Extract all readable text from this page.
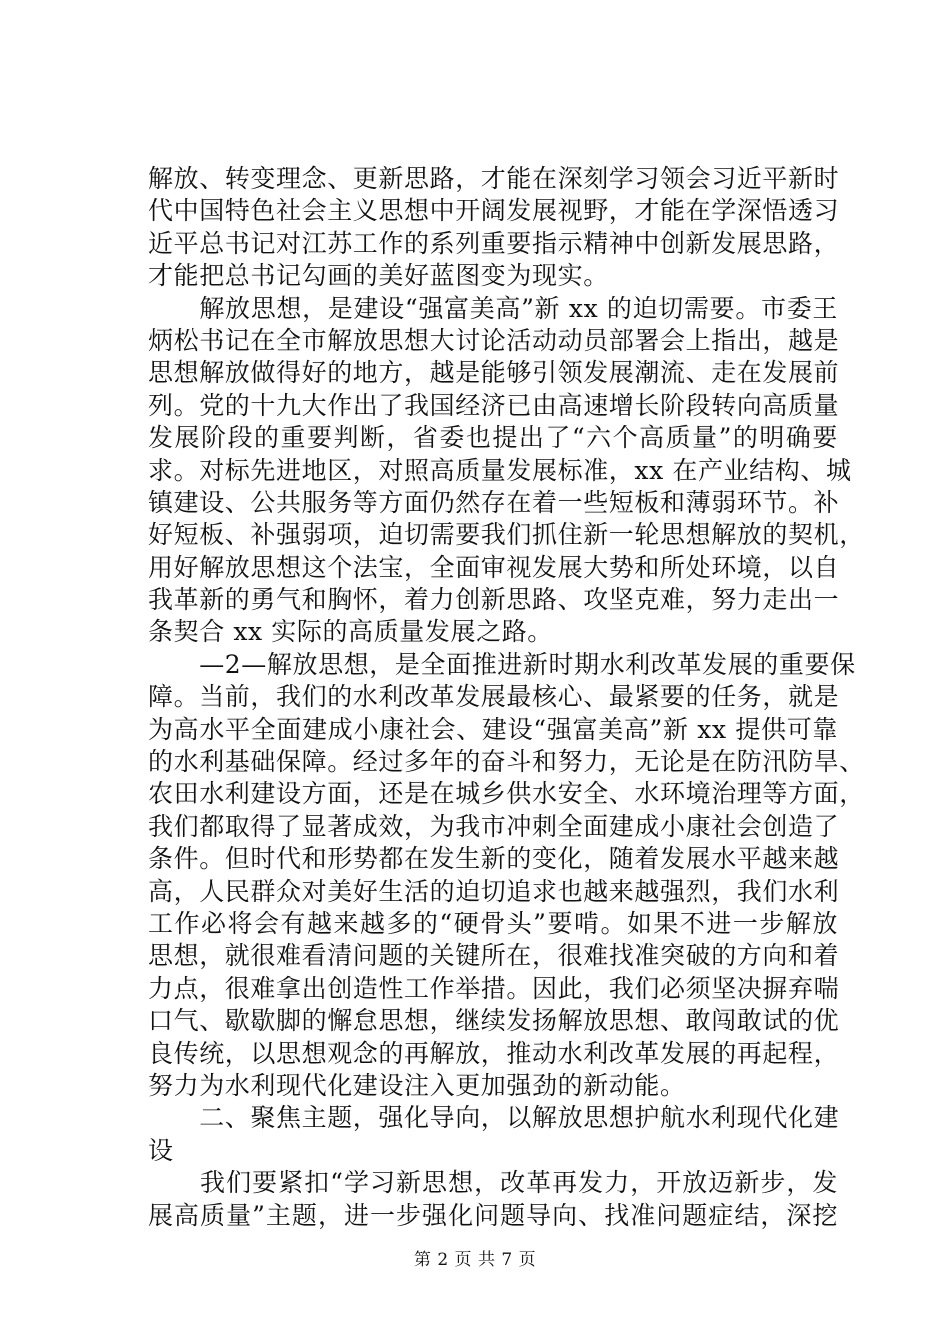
解放、转变理念、更新思路，才能在深刻学习领会习近平新时
代中国特色社会主义思想中开阔发展视野，才能在学深悟透习
近平总书记对江苏工作的系列重要指示精神中创新发展思路，
才能把总书记勾画的美好蓝图变为现实。
　　解放思想，是建设“强富美高”新 xx 的迫切需要。市委王
炳松书记在全市解放思想大讨论活动动员部署会上指出，越是
思想解放做得好的地方，越是能够引领发展潮流、走在发展前
列。党的十九大作出了我国经济已由高速增长阶段转向高质量
发展阶段的重要判断，省委也提出了“六个高质量”的明确要
求。对标先进地区，对照高质量发展标准，xx 在产业结构、城
镇建设、公共服务等方面仍然存在着一些短板和薄弱环节。补
好短板、补强弱项，迫切需要我们抓住新一轮思想解放的契机，
用好解放思想这个法宝，全面审视发展大势和所处环境，以自
我革新的勇气和胸怀，着力创新思路、攻坚克难，努力走出一
条契合 xx 实际的高质量发展之路。
　　—2—解放思想，是全面推进新时期水利改革发展的重要保
障。当前，我们的水利改革发展最核心、最紧要的任务，就是
为高水平全面建成小康社会、建设“强富美高”新 xx 提供可靠
的水利基础保障。经过多年的奋斗和努力，无论是在防汛防旱、
农田水利建设方面，还是在城乡供水安全、水环境治理等方面，
我们都取得了显著成效，为我市冲刺全面建成小康社会创造了
条件。但时代和形势都在发生新的变化，随着发展水平越来越
高，人民群众对美好生活的迫切追求也越来越强烈，我们水利
工作必将会有越来越多的“硬骨头”要啃。如果不进一步解放
思想，就很难看清问题的关键所在，很难找准突破的方向和着
力点，很难拿出创造性工作举措。因此，我们必须坚决摒弃喘
口气、歇歇脚的懈怠思想，继续发扬解放思想、敢闯敢试的优
良传统，以思想观念的再解放，推动水利改革发展的再起程，
努力为水利现代化建设注入更加强劲的新动能。
　　二、聚焦主题，强化导向，以解放思想护航水利现代化建
设
　　我们要紧扣“学习新思想，改革再发力，开放迈新步，发
展高质量”主题，进一步强化问题导向、找准问题症结，深挖
第 2 页 共 7 页
